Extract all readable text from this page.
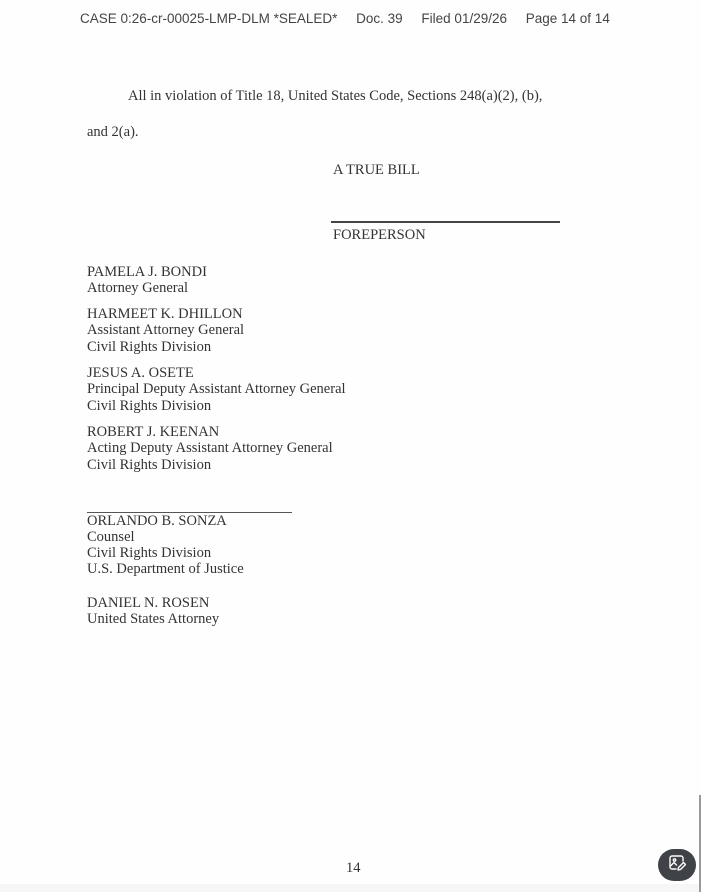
CASE 0:26-cr-00025-LMP-DLM *SEALED* Doc. 39 Filed 01/29/26 Page 14 of 14
All in violation of Title 18, United States Code, Sections 248(a)(2), (b),
and 2(a).
A TRUE BILL
FOREPERSON
PAMELA J. BONDI
Attorney General
HARMEET K. DHILLON
Assistant Attorney General
Civil Rights Division
JESUS A. OSETE
Principal Deputy Assistant Attorney General
Civil Rights Division
ROBERT J. KEENAN
Acting Deputy Assistant Attorney General
Civil Rights Division
ORLANDO B. SONZA
Counsel
Civil Rights Division
U.S. Department of Justice
DANIEL N. ROSEN
United States Attorney
14
